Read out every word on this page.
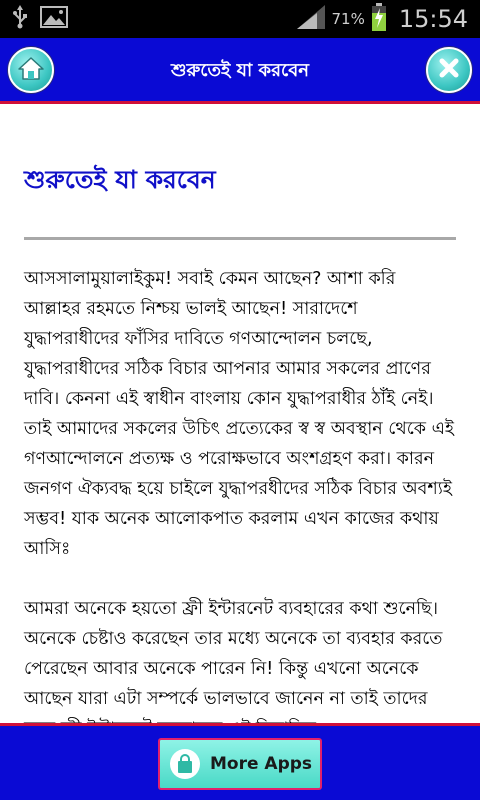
71% 15:54
শুরুতেই যা করবেন
শুরুতেই যা করবেন

আসসালামুয়ালাইকুম! সবাই কেমন আছেন? আশা করি আল্লাহর রহমতে নিশ্চয় ভালই আছেন! সারাদেশে যুদ্ধাপরাধীদের ফাঁসির দাবিতে গণআন্দোলন চলছে, যুদ্ধাপরাধীদের সঠিক বিচার আপনার আমার সকলের প্রাণের দাবি। কেননা এই স্বাধীন বাংলায় কোন যুদ্ধাপরাধীর ঠাঁই নেই। তাই আমাদের সকলের উচিৎ প্রত্যেকের স্ব স্ব অবস্থান থেকে এই গণআন্দোলনে প্রত্যক্ষ ও পরোক্ষভাবে অংশগ্রহণ করা। কারন জনগণ ঐক্যবদ্ধ হয়ে চাইলে যুদ্ধাপরধীদের সঠিক বিচার অবশ্যই সম্ভব! যাক অনেক আলোকপাত করলাম এখন কাজের কথায় আসিঃ

আমরা অনেকে হয়তো ফ্রী ইন্টারনেট ব্যবহারের কথা শুনেছি। অনেকে চেষ্টাও করেছেন তার মধ্যে অনেকে তা ব্যবহার করতে পেরেছেন আবার অনেকে পারেন নি! কিন্তু এখনো অনেকে আছেন যারা এটা সম্পর্কে ভালভাবে জানেন না তাই তাদের

More Apps
